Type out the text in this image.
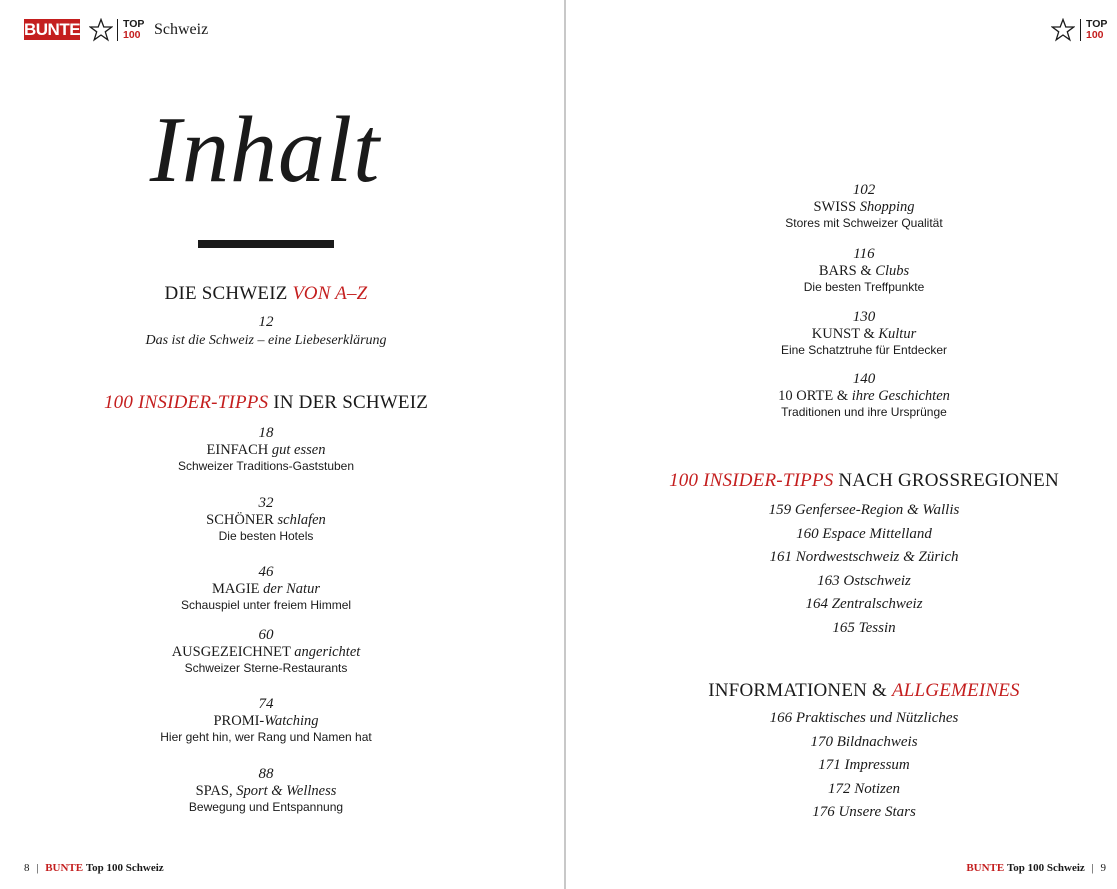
BUNTE	TOP
100 Schweiz
Inhalt
DIE SCHWEIZ VON A–Z
12
Das ist die Schweiz – eine Liebeserklärung
100 INSIDER-TIPPS IN DER SCHWEIZ
18
EINFACH gut essen
Schweizer Traditions-Gaststuben
32
SCHÖNER schlafen
Die besten Hotels
46
MAGIE der Natur
Schauspiel unter freiem Himmel
60
AUSGEZEICHNET angerichtet
Schweizer Sterne-Restaurants
74
PROMI-Watching
Hier geht hin, wer Rang und Namen hat
88
SPAS, Sport & Wellness
Bewegung und Entspannung
8 | BUNTE Top 100 Schweiz
TOP
100
102
SWISS Shopping
Stores mit Schweizer Qualität
116
BARS & Clubs
Die besten Treffpunkte
130
KUNST & Kultur
Eine Schatztruhe für Entdecker
140
10 ORTE & ihre Geschichten
Traditionen und ihre Ursprünge
100 INSIDER-TIPPS NACH GROSSREGIONEN
159 Genfersee-Region & Wallis
160 Espace Mittelland
161 Nordwestschweiz & Zürich
163 Ostschweiz
164 Zentralschweiz
165 Tessin
INFORMATIONEN & ALLGEMEINES
166 Praktisches und Nützliches
170 Bildnachweis
171 Impressum
172 Notizen
176 Unsere Stars
BUNTE Top 100 Schweiz | 9
